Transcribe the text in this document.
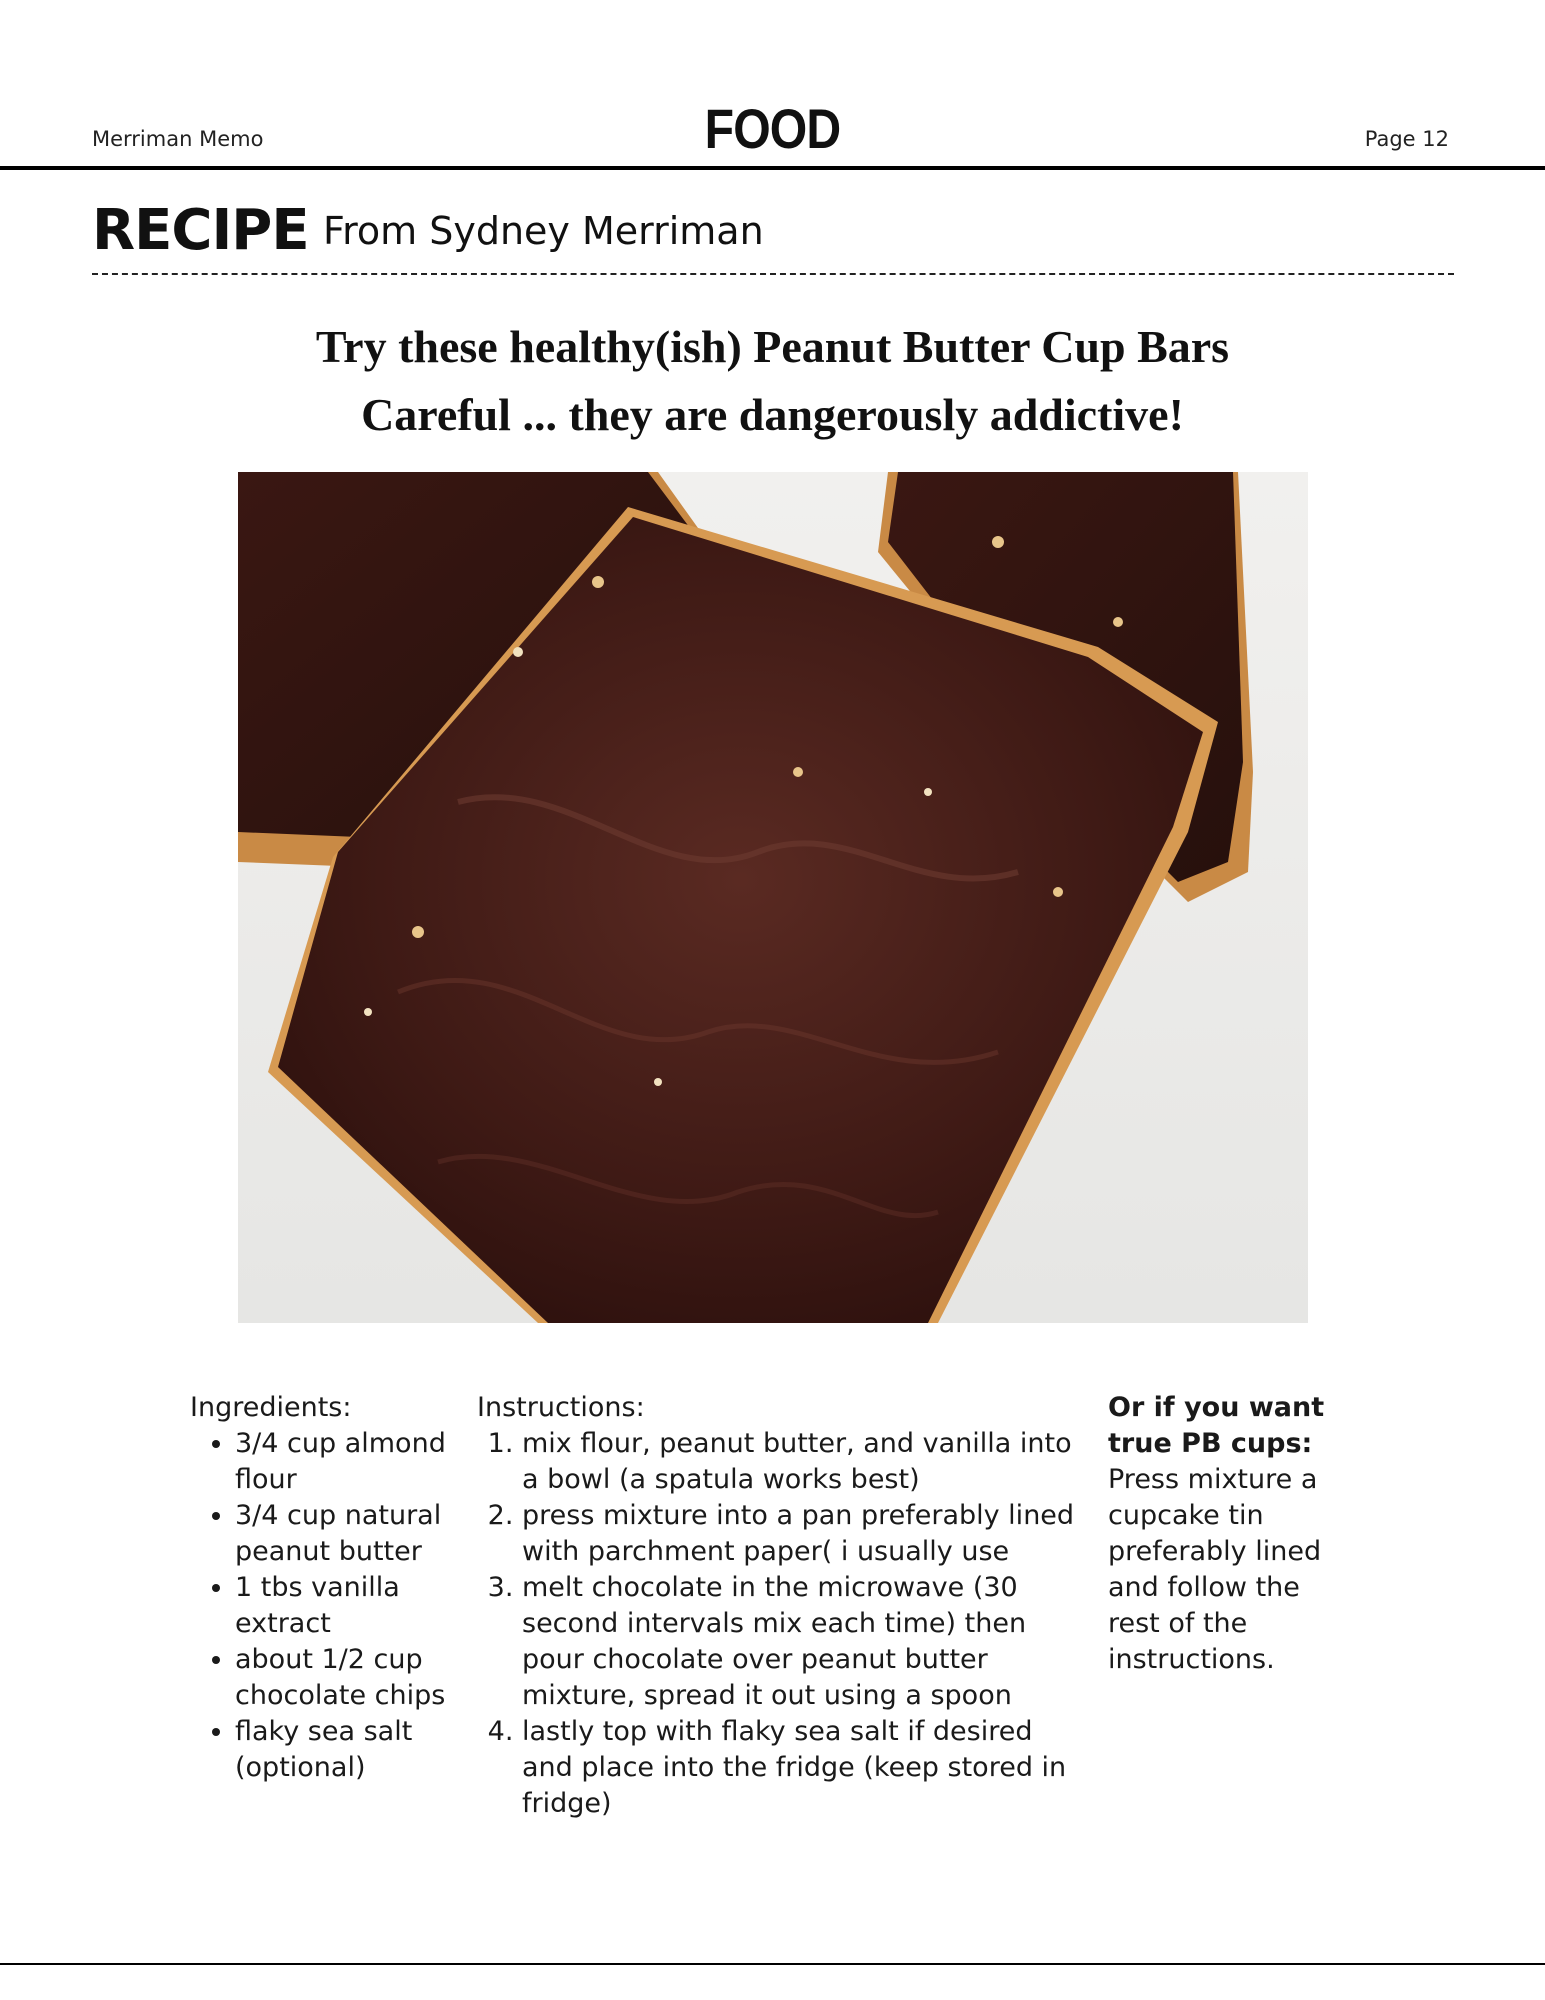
Merriman Memo	FOOD	Page 12
RECIPE From Sydney Merriman
Try these healthy(ish) Peanut Butter Cup Bars
Careful ... they are dangerously addictive!
Ingredients:
• 3/4 cup almond flour
• 3/4 cup natural peanut butter
• 1 tbs vanilla extract
• about 1/2 cup chocolate chips
• flaky sea salt (optional)
Instructions:
1. mix flour, peanut butter, and vanilla into a bowl (a spatula works best)
2. press mixture into a pan preferably lined with parchment paper( i usually use
3. melt chocolate in the microwave (30 second intervals mix each time) then pour chocolate over peanut butter mixture, spread it out using a spoon
4. lastly top with flaky sea salt if desired and place into the fridge (keep stored in fridge)
Or if you want true PB cups:
Press mixture a cupcake tin preferably lined and follow the rest of the instructions.
